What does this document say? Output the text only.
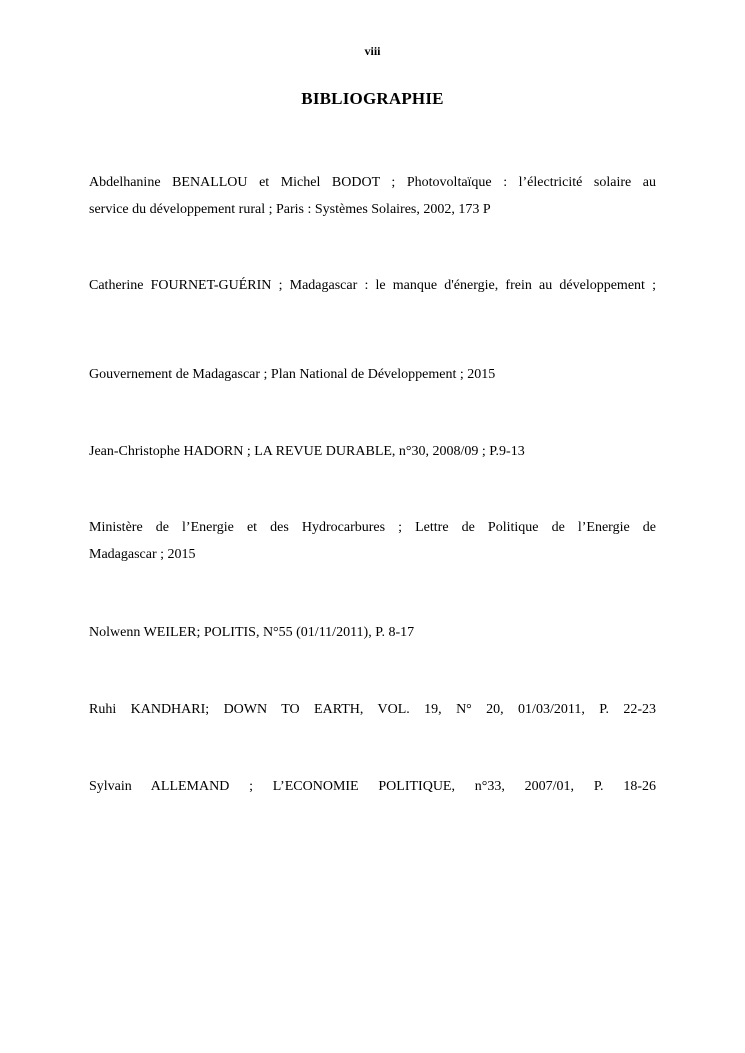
viii
BIBLIOGRAPHIE

Abdelhanine BENALLOU et Michel BODOT ; Photovoltaïque : l’électricité solaire au
service du développement rural ; Paris : Systèmes Solaires, 2002, 173 P

Catherine FOURNET-GUÉRIN ; Madagascar : le manque d'énergie, frein au développement ;

Gouvernement de Madagascar ; Plan National de Développement ; 2015

Jean-Christophe HADORN ; LA REVUE DURABLE, n°30, 2008/09 ; P.9-13

Ministère de l’Energie et des Hydrocarbures ; Lettre de Politique de l’Energie de
Madagascar ; 2015

Nolwenn WEILER; POLITIS, N°55 (01/11/2011), P. 8-17

Ruhi KANDHARI; DOWN TO EARTH, VOL. 19, N° 20, 01/03/2011, P. 22-23

Sylvain ALLEMAND ; L’ECONOMIE POLITIQUE, n°33, 2007/01, P. 18-26
